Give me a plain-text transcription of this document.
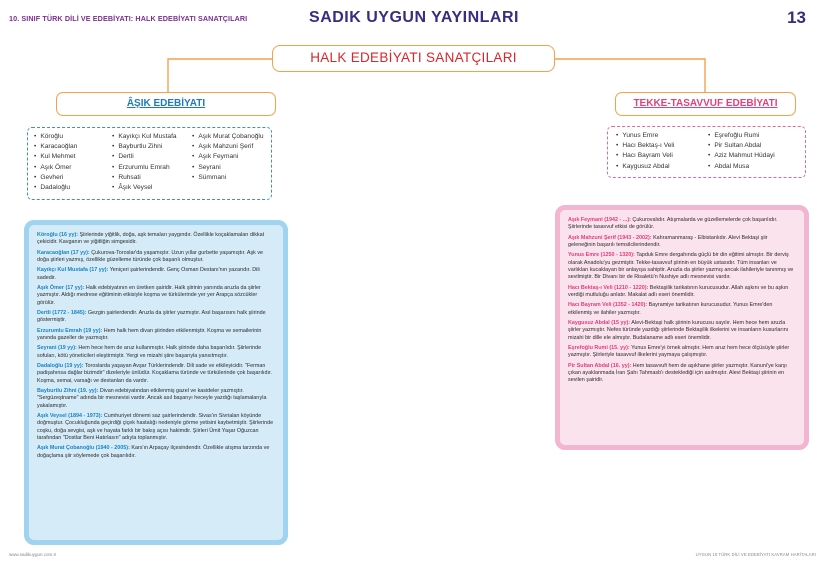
10. SINIF TÜRK DİLİ VE EDEBİYATI: HALK EDEBİYATI SANATÇILARI	SADIK UYGUN YAYINLARI	13
HALK EDEBİYATI SANATÇILARI
ÂŞIK EDEBİYATI	TEKKE-TASAVVUF EDEBİYATI
• Köroğlu
• Karacaoğlan
• Kul Mehmet
• Aşık Ömer
• Gevheri
• Dadaloğlu
• Kayıkçı Kul Mustafa
• Bayburtlu Zihni
• Dertli
• Erzurumlu Emrah
• Ruhsati
• Âşık Veysel
• Aşık Murat Çobanoğlu
• Aşık Mahzuni Şerif
• Aşık Feymani
• Seyrani
• Sümmani
• Yunus Emre
• Hacı Bektaş-ı Veli
• Hacı Bayram Veli
• Kaygusuz Abdal
• Eşrefoğlu Rumi
• Pir Sultan Abdal
• Aziz Mahmut Hüdayi
• Abdal Musa

Köroğlu (16 yy): Şiirlerinde yiğitlik, doğa, aşk temaları yaygındır. Özellikle koçaklamaları dikkat çekicidir. Kavganın ve yiğitliğin simgesidir.

Karacaoğlan (17 yy): Çukurova-Toroslar'da yaşamıştır. Uzun yıllar gurbette yaşamıştır. Aşk ve doğa şiirleri yazmış, özellikle güzelleme türünde çok başarılı olmuştur.

Kayıkçı Kul Mustafa (17 yy): Yeniçeri şairlerindendir. Genç Osman Destanı'nın yazarıdır. Dili sadedir.

Aşık Ömer (17 yy): Halk edebiyatının en üretken şairidir. Halk şiirinin yanında aruzla da şiirler yazmıştır. Aldığı medrese eğitiminin etkisiyle koşma ve türkülerinde yer yer Arapça sözcükler görülür.

Dertli (1772 - 1845): Gezgin şairlerdendir. Aruzla da şiirler yazmıştır. Asıl başarısını halk şiirinde göstermiştir.

Erzurumlu Emrah (19 yy): Hem halk hem divan şiirinden etkilenmiştir. Koşma ve semailerinin yanında gazeller de yazmıştır.

Seyrani (19 yy): Hem hece hem de aruz kullanmıştır. Halk şiirinde daha başarılıdır. Şiirlerinde sofuları, kötü yöneticileri eleştirmiştir. Yergi ve mizahi şiire başarıyla yansıtmıştır.

Dadaloğlu (19 yy): Toroslarda yaşayan Avşar Türklerindendir. Dili sade ve etkileyicidir. "Ferman padişahınsa dağlar bizimdir" dizeleriyle ünlüdür. Koçaklama türünde ve türkülerinde çok başarılıdır. Koşma, semai, varsağı ve destanları da vardır.

Bayburtlu Zihni (19. yy): Divan edebiyatından etkilenmiş gazel ve kasideler yazmıştır. "Sergüzeştname" adında bir mesnevisi vardır. Ancak asıl başarıyı heceyle yazdığı taşlamalarıyla yakalamıştır.

Aşık Veysel (1894 - 1973): Cumhuriyet dönemi saz şairlerindendir. Sivas'ın Sivrialan köyünde doğmuştur. Çocukluğunda geçirdiği çiçek hastalığı nedeniyle görme yetisini kaybetmiştir. Şiirlerinde coşku, doğa sevgisi, aşk ve hayata farklı bir bakış açısı hakimdir. Şiirleri Ümit Yaşar Oğuzcan tarafından "Dostlar Beni Hatırlasın" adıyla toplanmıştır.

Aşık Murat Çobanoğlu (1940 - 2005): Kars'ın Arpaçay ilçesindendir. Özellikle atışma tarzında ve doğaçlama şiir söylemede çok başarılıdır.

Aşık Feymani (1942 - ...): Çukurovalıdır. Atışmalarda ve güzellemelerde çok başarılıdır. Şiirlerinde tasavvuf etkisi de görülür.

Aşık Mahzuni Şerif (1943 - 2002): Kahramanmaraş - Elbistanlıdır. Alevi Bektaşi şiir geleneğinin başarılı temsilcilerindendir.

Yunus Emre (1250 - 1320): Tapduk Emre dergahında güçlü bir din eğitimi almıştır. Bir derviş olarak Anadolu'yu gezmiştir. Tekke-tasavvuf şiirinin en büyük ustasıdır. Tüm insanları ve varlıkları kucaklayan bir anlayışa sahiptir. Aruzla da şiirler yazmış ancak ilahileriyle tanınmış ve sevilmiştir. Bir Divanı bir de Risaletü'n Nushiye adlı mesnevisi vardır.

Hacı Bektaş-ı Veli (1210 - 1220): Bektaşilik tarikatının kurucusudur. Allah aşkını ve bu aşkın verdiği mutluluğu anlatır. Makalat adlı eseri önemlidir.

Hacı Bayram Veli (1352 - 1420): Bayramiye tarikatının kurucusudur. Yunus Emre'den etkilenmiş ve ilahiler yazmıştır.

Kaygusuz Abdal (15 yy): Alevi-Bektaşi halk şiirinin kurucusu sayılır. Hem hece hem aruzla şiirler yazmıştır. Nefes türünde yazdığı şiirlerinde Bektaşilik ilkelerini ve insanların kusurlarını mizahi bir dille ele almıştır. Budalaname adlı eseri önemlidir.

Eşrefoğlu Rumi (15. yy): Yunus Emre'yi örnek almıştır. Hem aruz hem hece ölçüsüyle şiirler yazmıştır. Şiirleriyle tasavvuf ilkelerini yaymaya çalışmıştır.

Pir Sultan Abdal (16. yy): Hem tasavvufi hem de aşıkhane şiirler yazmıştır. Kanuni'ye karşı çıkan ayaklanmada İran Şahı Tahmasb'ı desteklediği için asılmıştır. Alevi Bektaşi şiirinin en sevilen şairidir.

www.sadikuygun.com.tr	UYGUN 10 TÜRK DİLİ VE EDEBİYATI KAVRAM HARİTALARI
